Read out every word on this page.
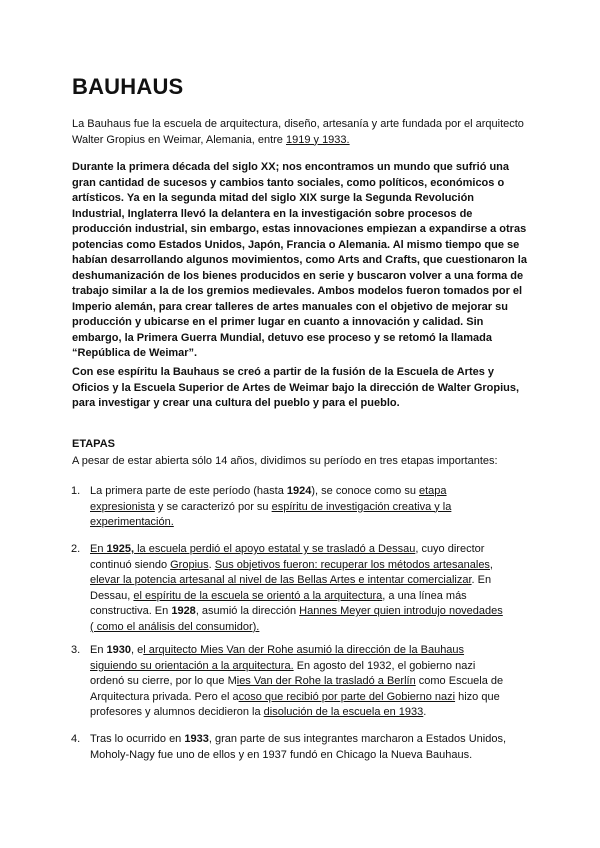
BAUHAUS

La Bauhaus fue la escuela de arquitectura, diseño, artesanía y arte fundada por el arquitecto Walter Gropius en Weimar, Alemania, entre 1919 y 1933.

Durante la primera década del siglo XX; nos encontramos un mundo que sufrió una gran cantidad de sucesos y cambios tanto sociales, como políticos, económicos o artísticos. Ya en la segunda mitad del siglo XIX surge la Segunda Revolución Industrial, Inglaterra llevó la delantera en la investigación sobre procesos de producción industrial, sin embargo, estas innovaciones empiezan a expandirse a otras potencias como Estados Unidos, Japón, Francia o Alemania. Al mismo tiempo que se habían desarrollando algunos movimientos, como Arts and Crafts, que cuestionaron la deshumanización de los bienes producidos en serie y buscaron volver a una forma de trabajo similar a la de los gremios medievales. Ambos modelos fueron tomados por el Imperio alemán, para crear talleres de artes manuales con el objetivo de mejorar su producción y ubicarse en el primer lugar en cuanto a innovación y calidad. Sin embargo, la Primera Guerra Mundial, detuvo ese proceso y se retomó la llamada “República de Weimar”.

Con ese espíritu la Bauhaus se creó a partir de la fusión de la Escuela de Artes y Oficios y la Escuela Superior de Artes de Weimar bajo la dirección de Walter Gropius, para investigar y crear una cultura del pueblo y para el pueblo.

ETAPAS

A pesar de estar abierta sólo 14 años, dividimos su período en tres etapas importantes:

1. La primera parte de este período (hasta 1924), se conoce como su etapa expresionista y se caracterizó por su espíritu de investigación creativa y la experimentación.

2. En 1925, la escuela perdió el apoyo estatal y se trasladó a Dessau, cuyo director continuó siendo Gropius. Sus objetivos fueron: recuperar los métodos artesanales, elevar la potencia artesanal al nivel de las Bellas Artes e intentar comercializar. En Dessau, el espíritu de la escuela se orientó a la arquitectura, a una línea más constructiva. En 1928, asumió la dirección Hannes Meyer quien introdujo novedades ( como el análisis del consumidor).

3. En 1930, el arquitecto Mies Van der Rohe asumió la dirección de la Bauhaus siguiendo su orientación a la arquitectura. En agosto del 1932, el gobierno nazi ordenó su cierre, por lo que Mies Van der Rohe la trasladó a Berlín como Escuela de Arquitectura privada. Pero el acoso que recibió por parte del Gobierno nazi hizo que profesores y alumnos decidieron la disolución de la escuela en 1933.

4. Tras lo ocurrido en 1933, gran parte de sus integrantes marcharon a Estados Unidos, Moholy-Nagy fue uno de ellos y en 1937 fundó en Chicago la Nueva Bauhaus.
